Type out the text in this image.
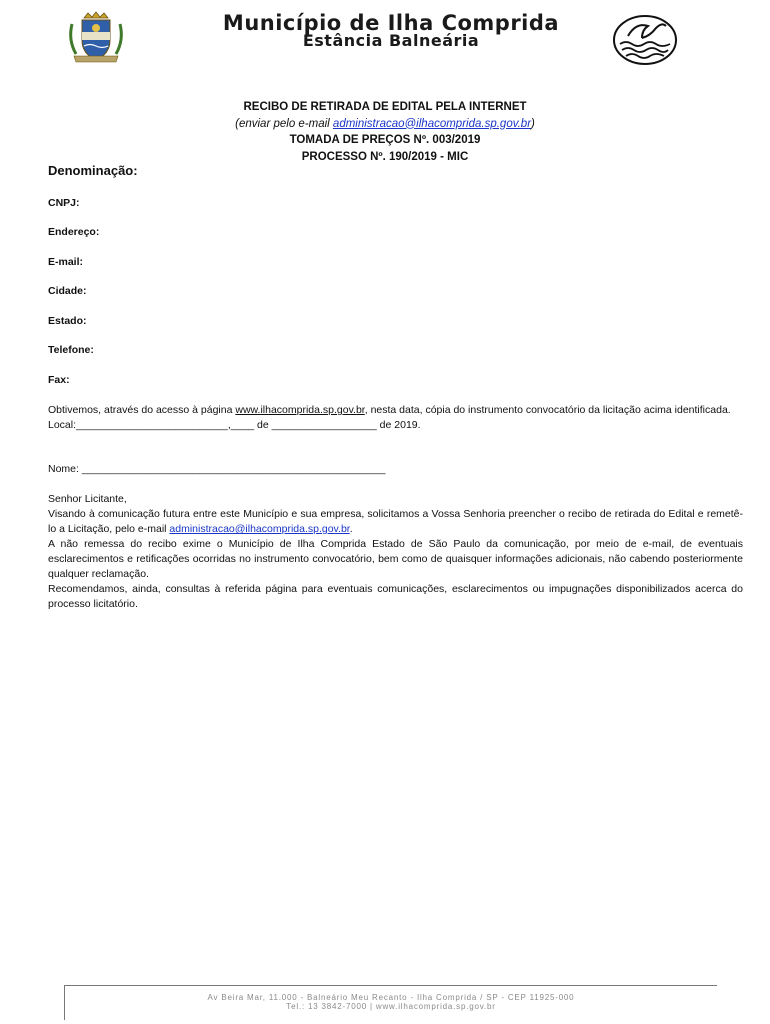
Município de Ilha Comprida
Estância Balneária
RECIBO DE RETIRADA DE EDITAL PELA INTERNET
(enviar pelo e-mail administracao@ilhacomprida.sp.gov.br)
TOMADA DE PREÇOS Nº. 003/2019
PROCESSO Nº. 190/2019 - MIC
Denominação:
CNPJ:
Endereço:
E-mail:
Cidade:
Estado:
Telefone:
Fax:

Obtivemos, através do acesso à página www.ilhacomprida.sp.gov.br, nesta data, cópia do instrumento convocatório da licitação acima identificada.

Local:__________________________,____ de __________________ de 2019.

Nome: ____________________________________________________

Senhor Licitante,

Visando à comunicação futura entre este Município e sua empresa, solicitamos a Vossa Senhoria preencher o recibo de retirada do Edital e remetê-lo a Licitação, pelo e-mail administracao@ilhacomprida.sp.gov.br.

A não remessa do recibo exime o Município de Ilha Comprida Estado de São Paulo da comunicação, por meio de e-mail, de eventuais esclarecimentos e retificações ocorridas no instrumento convocatório, bem como de quaisquer informações adicionais, não cabendo posteriormente qualquer reclamação.

Recomendamos, ainda, consultas à referida página para eventuais comunicações, esclarecimentos ou impugnações disponibilizados acerca do processo licitatório.

Av Beira Mar, 11.000 - Balneário Meu Recanto - Ilha Comprida / SP - CEP 11925-000
Tel.: 13 3842-7000 | www.ilhacomprida.sp.gov.br
